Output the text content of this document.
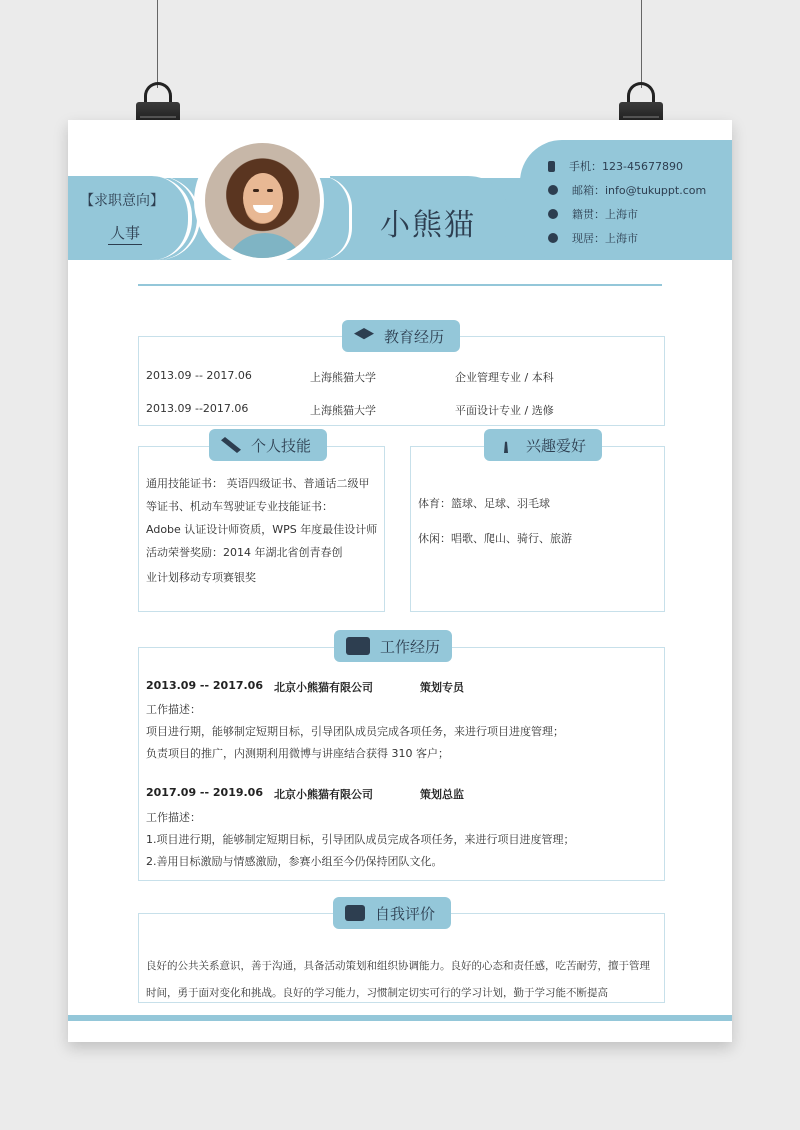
【求职意向】
人事	小熊猫
手机：123-45677890
邮箱：info@tukuppt.com
籍贯：上海市
现居：上海市
教育经历
2013.09 -- 2017.06	上海熊猫大学	企业管理专业 / 本科
2013.09 --2017.06	上海熊猫大学	平面设计专业 / 选修
个人技能
通用技能证书： 英语四级证书、普通话二级甲
等证书、机动车驾驶证专业技能证书：
Adobe 认证设计师资质，WPS 年度最佳设计师
活动荣誉奖励：2014 年湖北省创青春创
业计划移动专项赛银奖
兴趣爱好
体育：篮球、足球、羽毛球
休闲：唱歌、爬山、骑行、旅游
工作经历
2013.09 -- 2017.06 北京小熊猫有限公司	策划专员
工作描述：
项目进行期，能够制定短期目标，引导团队成员完成各项任务，来进行项目进度管理；
负责项目的推广，内测期利用微博与讲座结合获得 310 客户；
2017.09 -- 2019.06 北京小熊猫有限公司	策划总监
工作描述：
1.项目进行期，能够制定短期目标，引导团队成员完成各项任务，来进行项目进度管理；
2.善用目标激励与情感激励，参赛小组至今仍保持团队文化。
自我评价
良好的公共关系意识，善于沟通，具备活动策划和组织协调能力。良好的心态和责任感，吃苦耐劳，擅于管理
时间，勇于面对变化和挑战。良好的学习能力，习惯制定切实可行的学习计划，勤于学习能不断提高
